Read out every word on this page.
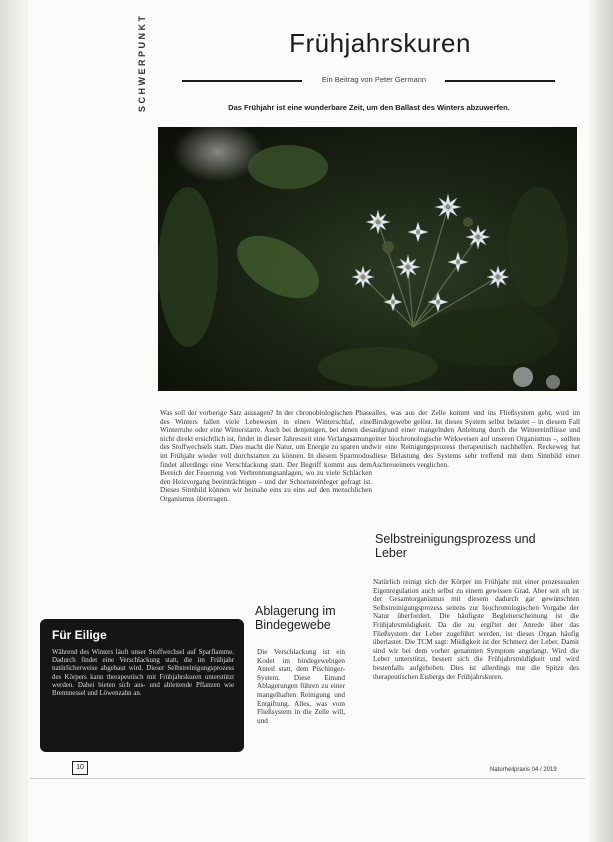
SCHWERPUNKT	Frühjahrskuren
Ein Beitrag von Peter Germann
Das Frühjahr ist eine wunderbare Zeit, um den Ballast des Winters abzuwerfen.

Was soll der vorherige Satz aussagen? In der chronobiologischen Phase des Winters fallen viele Lebewesen in einen Winterschlaf, eine Winterruhe oder eine Winterstarre. Auch bei denjenigen, bei denen dies nicht direkt ersichtlich ist, findet in dieser Jahreszeit eine Verlangsamung des Stoffwechsels statt. Dies macht die Natur, um Energie zu sparen und im Frühjahr wieder voll durchstarten zu können. In diesem Sparmodus findet allerdings eine Verschlackung statt. Der Begriff kommt aus dem Bereich der Feuerung von Verbrennungsanlagen, wo zu viele Schlacken den Heizvorgang beeinträchtigen – und der Schornsteinfeger gefragt ist. Dieses Sinnbild können wir beinahe eins zu eins auf den menschlichen Organismus übertragen.

alles, was aus der Zelle kommt und ins Fließsystem geht, wird im Bindegewebe gelöst. Ist dieses System selbst belastet – in diesem Fall aufgrund einer mangelnden Anleitung durch die Wintereinflüsse und einer biochronologische Wirkweisen auf unseren Organismus –, sollten wir eine Reinigungsprozess therapeutisch nachhelfen. Reckeweg hat diese Belastung des Systems sehr treffend mit dem Sinnbild einer Aschreueimers verglichen.

Ablagerung im Bindegewebe

Die Verschlackung ist ein Kodet im bindegewebigen Anteil statt, dem Pischinger-System. Diese Einund Ablagerungen führen zu einer mangelhaften Reinigung und Entgiftung. Alles, was vom Fließsystem in die Zelle will, und

Selbstreinigungsprozess und Leber

Natürlich reinigt sich der Körper im Frühjahr mit einer prozessualen Eigenregulation auch selbst zu einem gewissen Grad. Aber seit oft ist der Gesamtorganismus mit diesem dadurch gar gewünschten Selbstreinigungsprozess seitens zur biochronologischen Vorgabe der Natur überfordert. Die häufigste Begleiterscheinung ist die Frühjahrsmüdigkeit. Da die zu ergiftet der Anrede über das Fließsystem der Leber zugeführt werden, ist dieses Organ häufig überlastet. Die TCM sagt: Müdigkeit ist der Schmerz der Leber. Damit sind wir bei dem vorher genannten Symptom angelangt. Wird die Leber unterstützt, bessert sich die Frühjahrsmüdigkeit und wird bestenfalls aufgehoben. Dies ist allerdings nur die Spitze des therapeutischen Eisbergs der Frühjahrskuren.

Für Eilige
Während des Winters läuft unser Stoffwechsel auf Sparflamme. Dadurch findet eine Verschlackung statt, die im Frühjahr natürlicherweise abgebaut wird. Dieser Selbstreinigungsprozess des Körpers kann therapeutisch mit Frühjahrskuren unterstützt werden. Dabei bieten sich aus- und ableitende Pflanzen wie Brennnessel und Löwenzahn an.
10	Naturheilpraxis 04 / 2019
